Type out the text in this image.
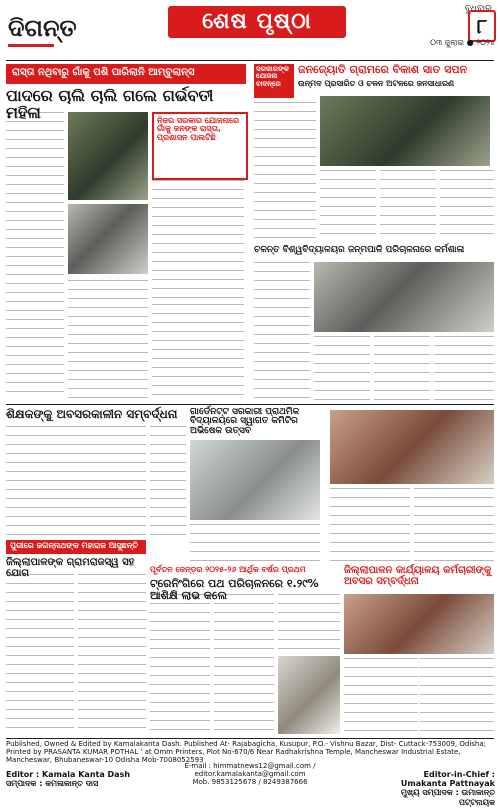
ଦିଗନ୍ତ	ଶେଷ ପୃଷ୍ଠା	ବୁଧବାର
୮
୦୩ ଜୁଲାଇ ● ୨୦୨୪
ରାସ୍ତା ନଥିବାରୁ ଗାଁକୁ ପଶି ପାରିଲାନି ଆମ୍ବୁଲାନ୍ସ
ପାଦରେ ଚାଲି ଚାଲି ଗଲେ ଗର୍ଭବତୀ ମହିଳା	ନିଜର ସରକାର ଯୋଜନାରେ ଗାଁକୁ ଜନଙ୍କ ରାସ୍ତା, ପ୍ରଶାସନ ପାଲଟିଛି
ସରକାରଙ୍କ ଯୋଜନା ବାଦନ୍‌ରେ
ଜନଜ୍ୟୋତି ଗ୍ରାମରେ ବିକାଶ ସାତ ସପନ
ଉନ୍ମଦ ପ୍ରସାରିତ ଓ ଚଳନ ଅଟଳରେ ଜନସାଧାରଣ
ଚଳନ୍ତ ବିଶ୍ୱବିଦ୍ୟାଳୟର ଜନ୍ମପାଳି ପରିଚାଳନାରେ କର୍ମଶାଳା
ଶିକ୍ଷକଙ୍କୁ ଅବସରକାଳୀନ ସମ୍ବର୍ଦ୍ଧନା	ଗାର୍ଡେନଟ୍ଟ ସରକାରୀ ପ୍ରାଥମିକ ବିଦ୍ୟାଳୟରେ ସ୍ୱାଗତ କମିଟିର ଅଭିଷେକ ଉତ୍ସବ
ପୁରୀରେ ଜଗନ୍ନାଥଙ୍କ ମହାରାଜ ଆସୁଛନ୍ତି
ଜିଲ୍ଲାପାଳଙ୍କ ଗ୍ରାମରାଜସ୍ୱ ସହ ଯୋଗ	ପୂର୍ବତନ ଜେନ୍‌ଡ଼ର ୨୦୨୫-୨୬ ଆର୍ଥିକ ବର୍ଷର ପ୍ରଥମ
ଟ୍ରେନିଂଗିରେ ପଥ ପରିଚାଳନରେ ୧.୨୯% ଆଶିକ୍ଷି ଲାଭ କଲେ
ଜିଲ୍ଲାପାଳନ କାର୍ଯ୍ୟାଳୟ କର୍ମଚାରୀଙ୍କୁ ଅବସର ସମ୍ବର୍ଦ୍ଧନା
Published, Owned & Edited by Kamalakanta Dash. Published At- Rajabagicha, Kusupur, P.O.- Vishnu Bazar, Dist- Cuttack-753009, Odisha; Printed by PRASANTA KUMAR POTHAL ' at Omm Printers, Plot No-670/6 Near Radhakrishna Temple, Mancheswar Industrial Estate, Mancheswar, Bhubaneswar-10 Odisha Mob-7008052593
E-mail : himmatnews12@gmail.com / editor.kamalakanta@gmail.com
Mob. 9853125678 / 8249387666
Editor : Kamala Kanta Dash
ସମ୍ପାଦକ : କମଳାକାନ୍ତ ଦାସ
Editor-in-Chief : Umakanta Pattnayak
ମୁଖ୍ୟ ସମ୍ପାଦକ : ଉମାକାନ୍ତ ପଟ୍ଟନାୟକ
